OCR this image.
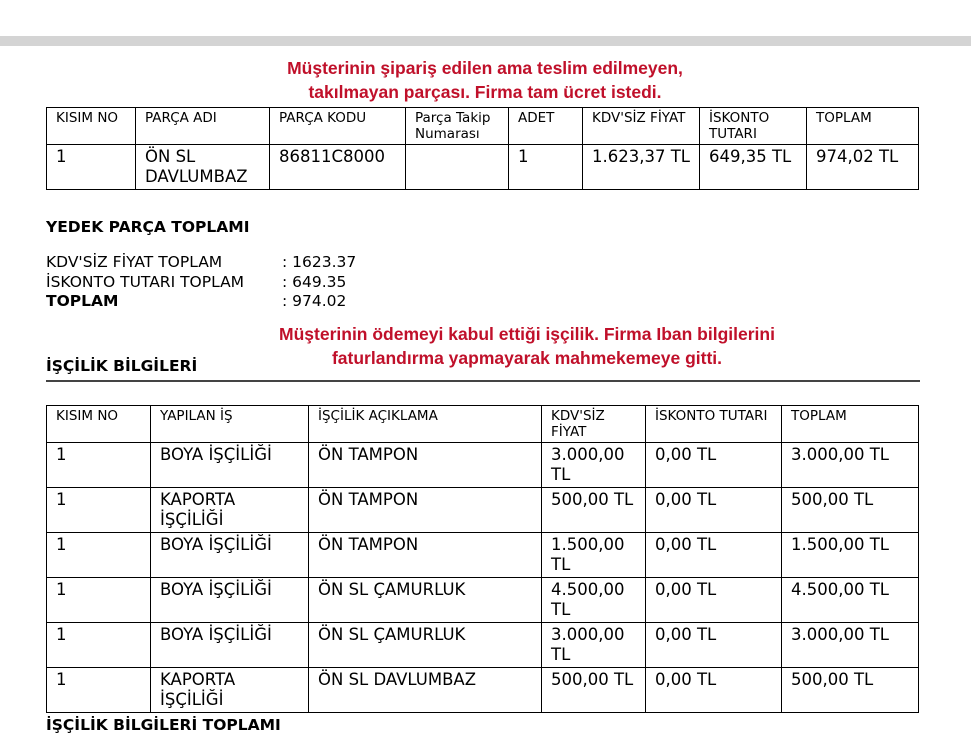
Müşterinin şipariş edilen ama teslim edilmeyen,
takılmayan parçası. Firma tam ücret istedi.
KISIM NO	PARÇA ADI	PARÇA KODU	Parça Takip Numarası	ADET	KDV'SİZ FİYAT	İSKONTO TUTARI	TOPLAM
1	ÖN SL DAVLUMBAZ	86811C8000		1	1.623,37 TL	649,35 TL	974,02 TL
YEDEK PARÇA TOPLAMI
KDV'SİZ FİYAT TOPLAM	: 1623.37
İSKONTO TUTARI TOPLAM	: 649.35
TOPLAM	: 974.02
Müşterinin ödemeyi kabul ettiği işçilik. Firma Iban bilgilerini
faturlandırma yapmayarak mahmekemeye gitti.
İŞÇİLİK BİLGİLERİ
KISIM NO	YAPILAN İŞ	İŞÇİLİK AÇIKLAMA	KDV'SİZ FİYAT	İSKONTO TUTARI	TOPLAM
1	BOYA İŞÇİLİĞİ	ÖN TAMPON	3.000,00 TL	0,00 TL	3.000,00 TL
1	KAPORTA İŞÇİLİĞİ	ÖN TAMPON	500,00 TL	0,00 TL	500,00 TL
1	BOYA İŞÇİLİĞİ	ÖN TAMPON	1.500,00 TL	0,00 TL	1.500,00 TL
1	BOYA İŞÇİLİĞİ	ÖN SL ÇAMURLUK	4.500,00 TL	0,00 TL	4.500,00 TL
1	BOYA İŞÇİLİĞİ	ÖN SL ÇAMURLUK	3.000,00 TL	0,00 TL	3.000,00 TL
1	KAPORTA İŞÇİLİĞİ	ÖN SL DAVLUMBAZ	500,00 TL	0,00 TL	500,00 TL
İŞÇİLİK BİLGİLERİ TOPLAMI
